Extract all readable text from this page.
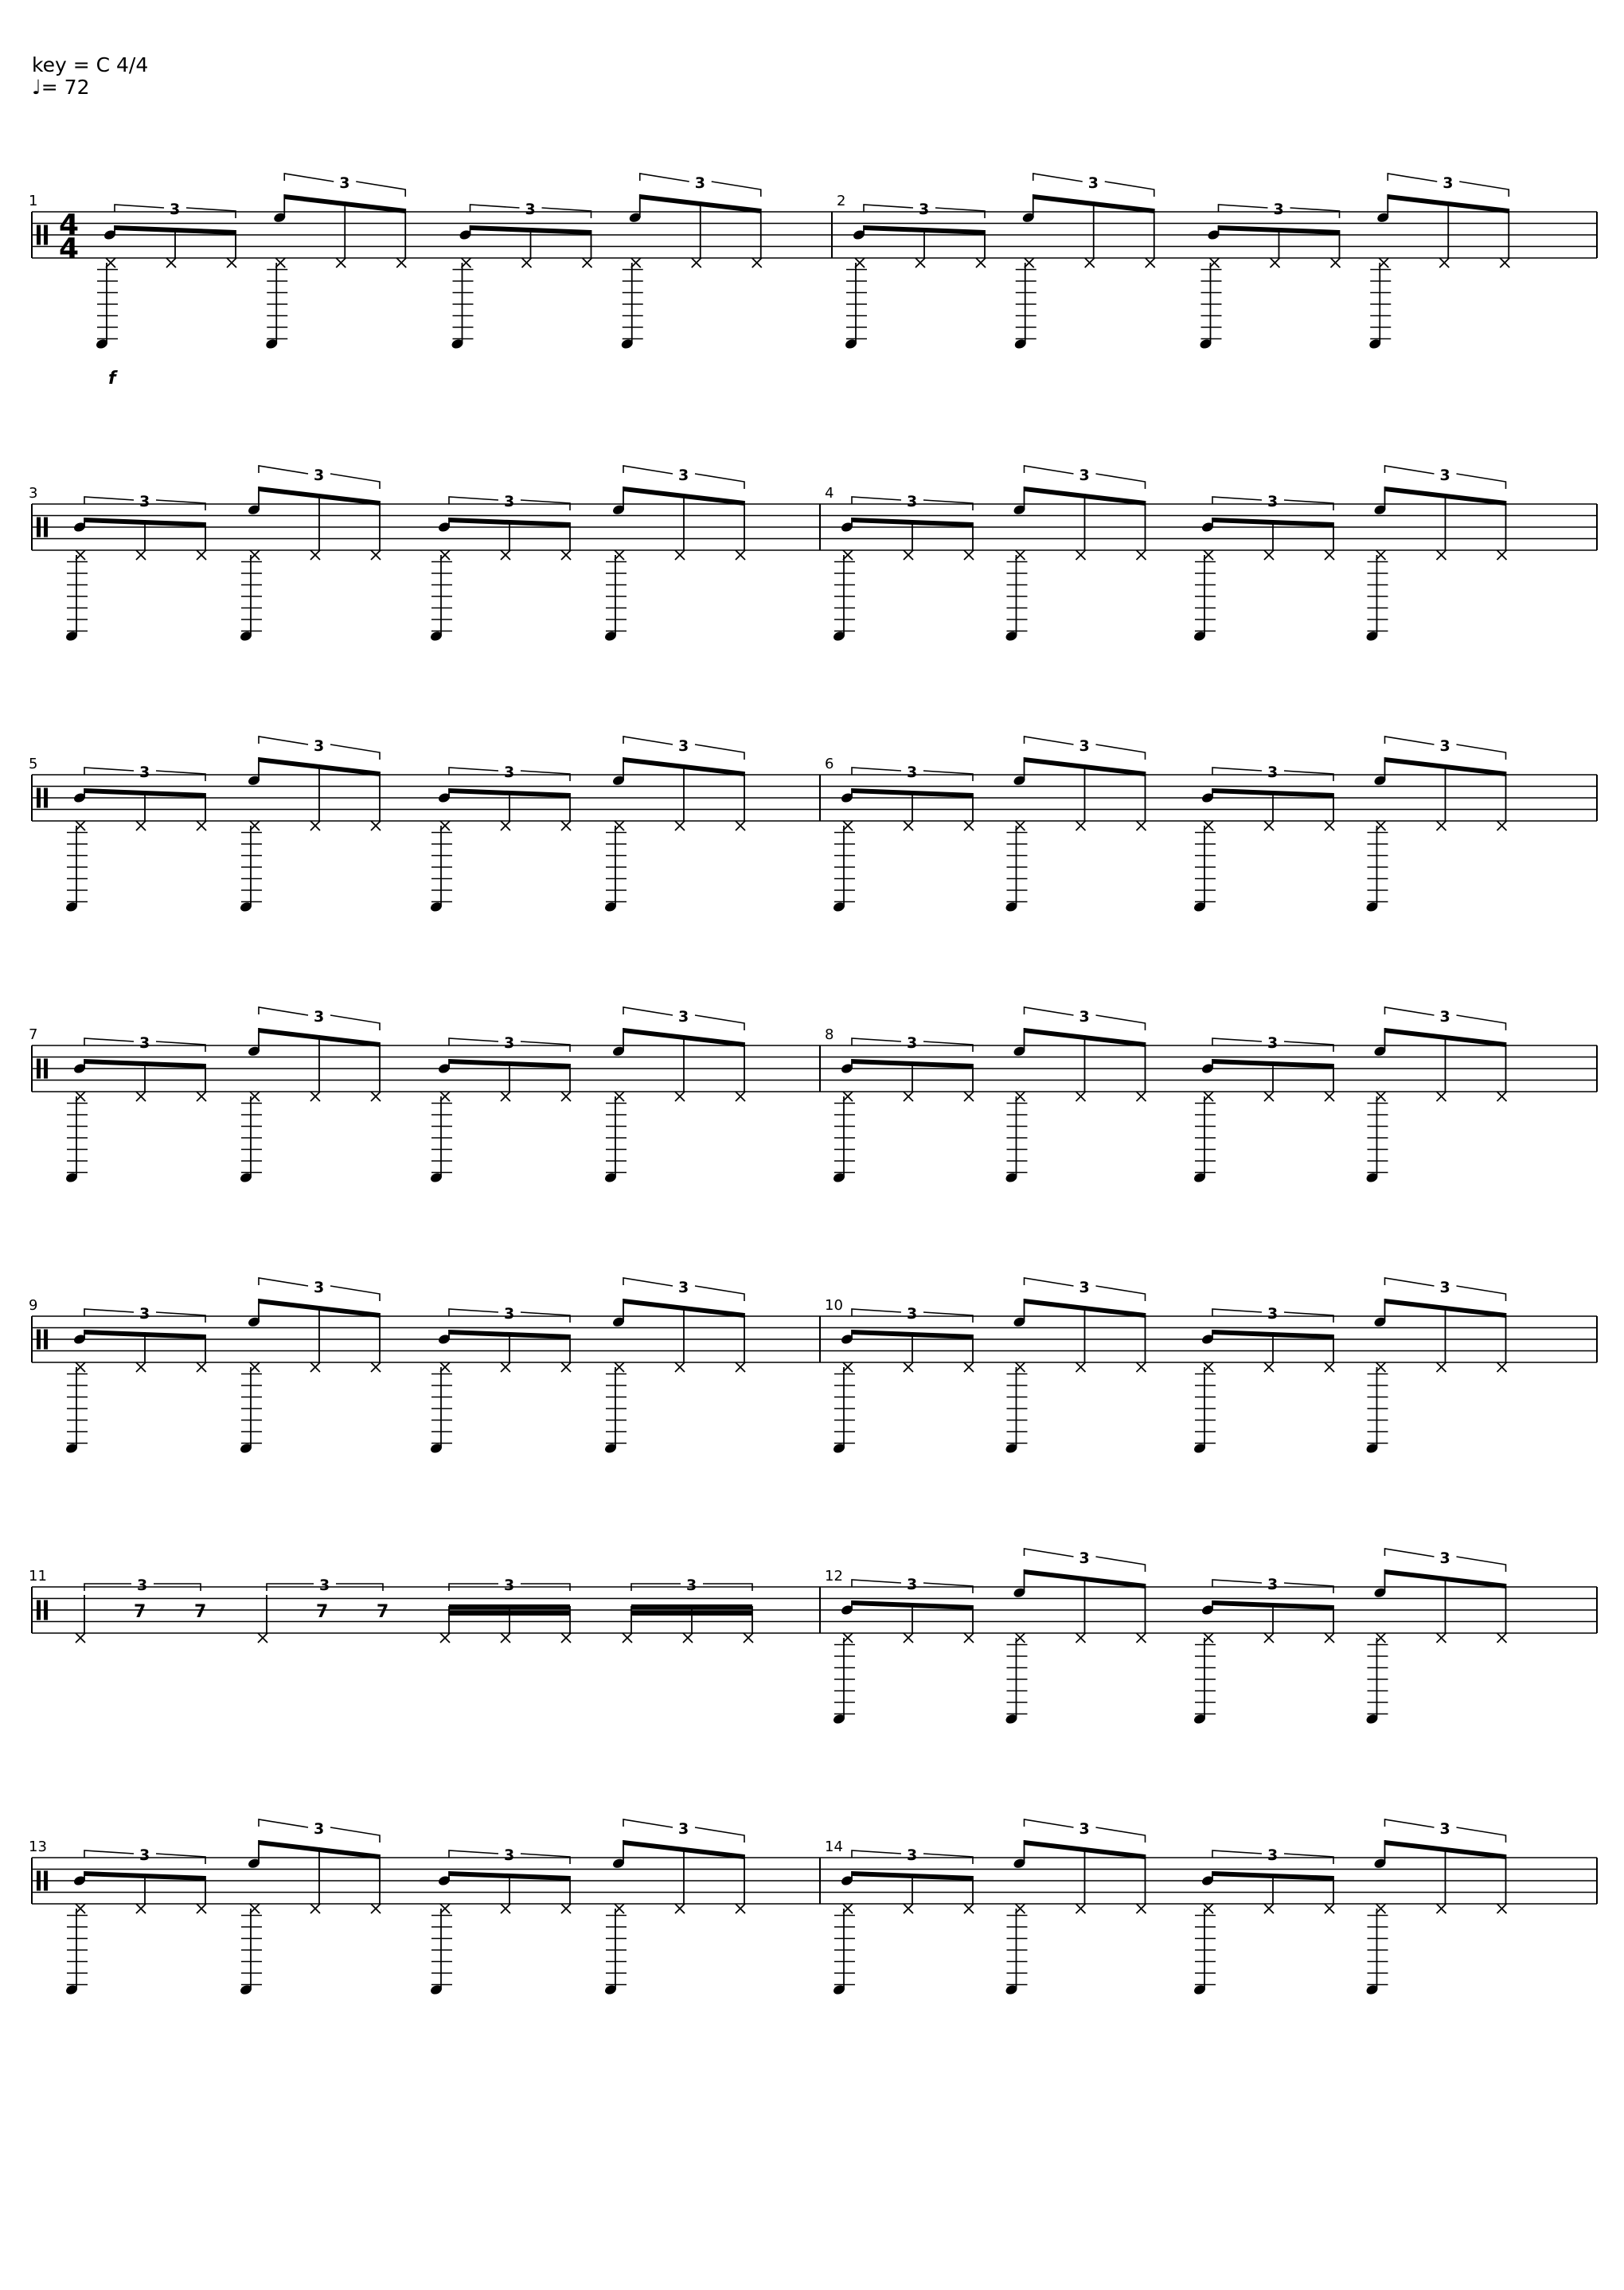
key = C 4/4
♩= 72
4
4
1	2
3
3
3
3
3
3
3
3
f
3	4
3
3
3
3
3
3
3
3
5	6
3
3
3
3
3
3
3
3
7	8
3
3
3
3
3
3
3
3
9	10
3
3
3
3
3
3
3
3
11	12
7	7
3
7	7
3	3	3	3
3
3
3
13	14
3
3
3
3
3
3
3
3
